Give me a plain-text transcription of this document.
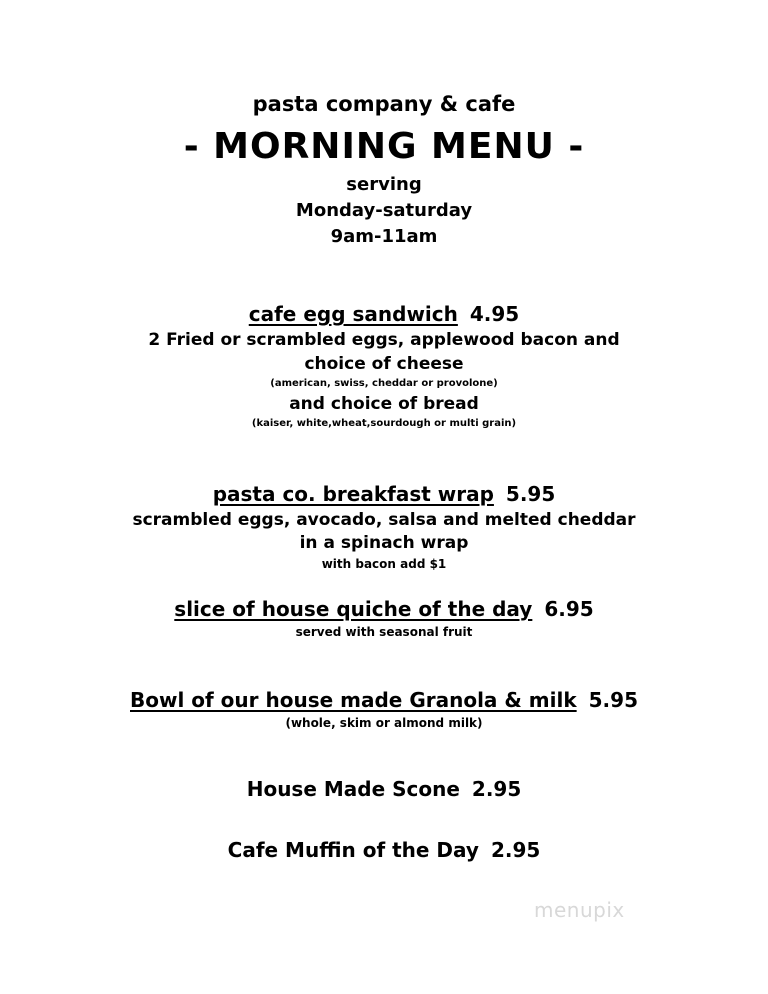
pasta company & cafe
- MORNING MENU -
serving
Monday-saturday
9am-11am
cafe egg sandwich 4.95
2 Fried or scrambled eggs, applewood bacon and
choice of cheese
(american, swiss, cheddar or provolone)
and choice of bread
(kaiser, white,wheat,sourdough or multi grain)
pasta co. breakfast wrap 5.95
scrambled eggs, avocado, salsa and melted cheddar
in a spinach wrap
with bacon add $1
slice of house quiche of the day 6.95
served with seasonal fruit
Bowl of our house made Granola & milk 5.95
(whole, skim or almond milk)
House Made Scone 2.95
Cafe Muffin of the Day 2.95
menupix
